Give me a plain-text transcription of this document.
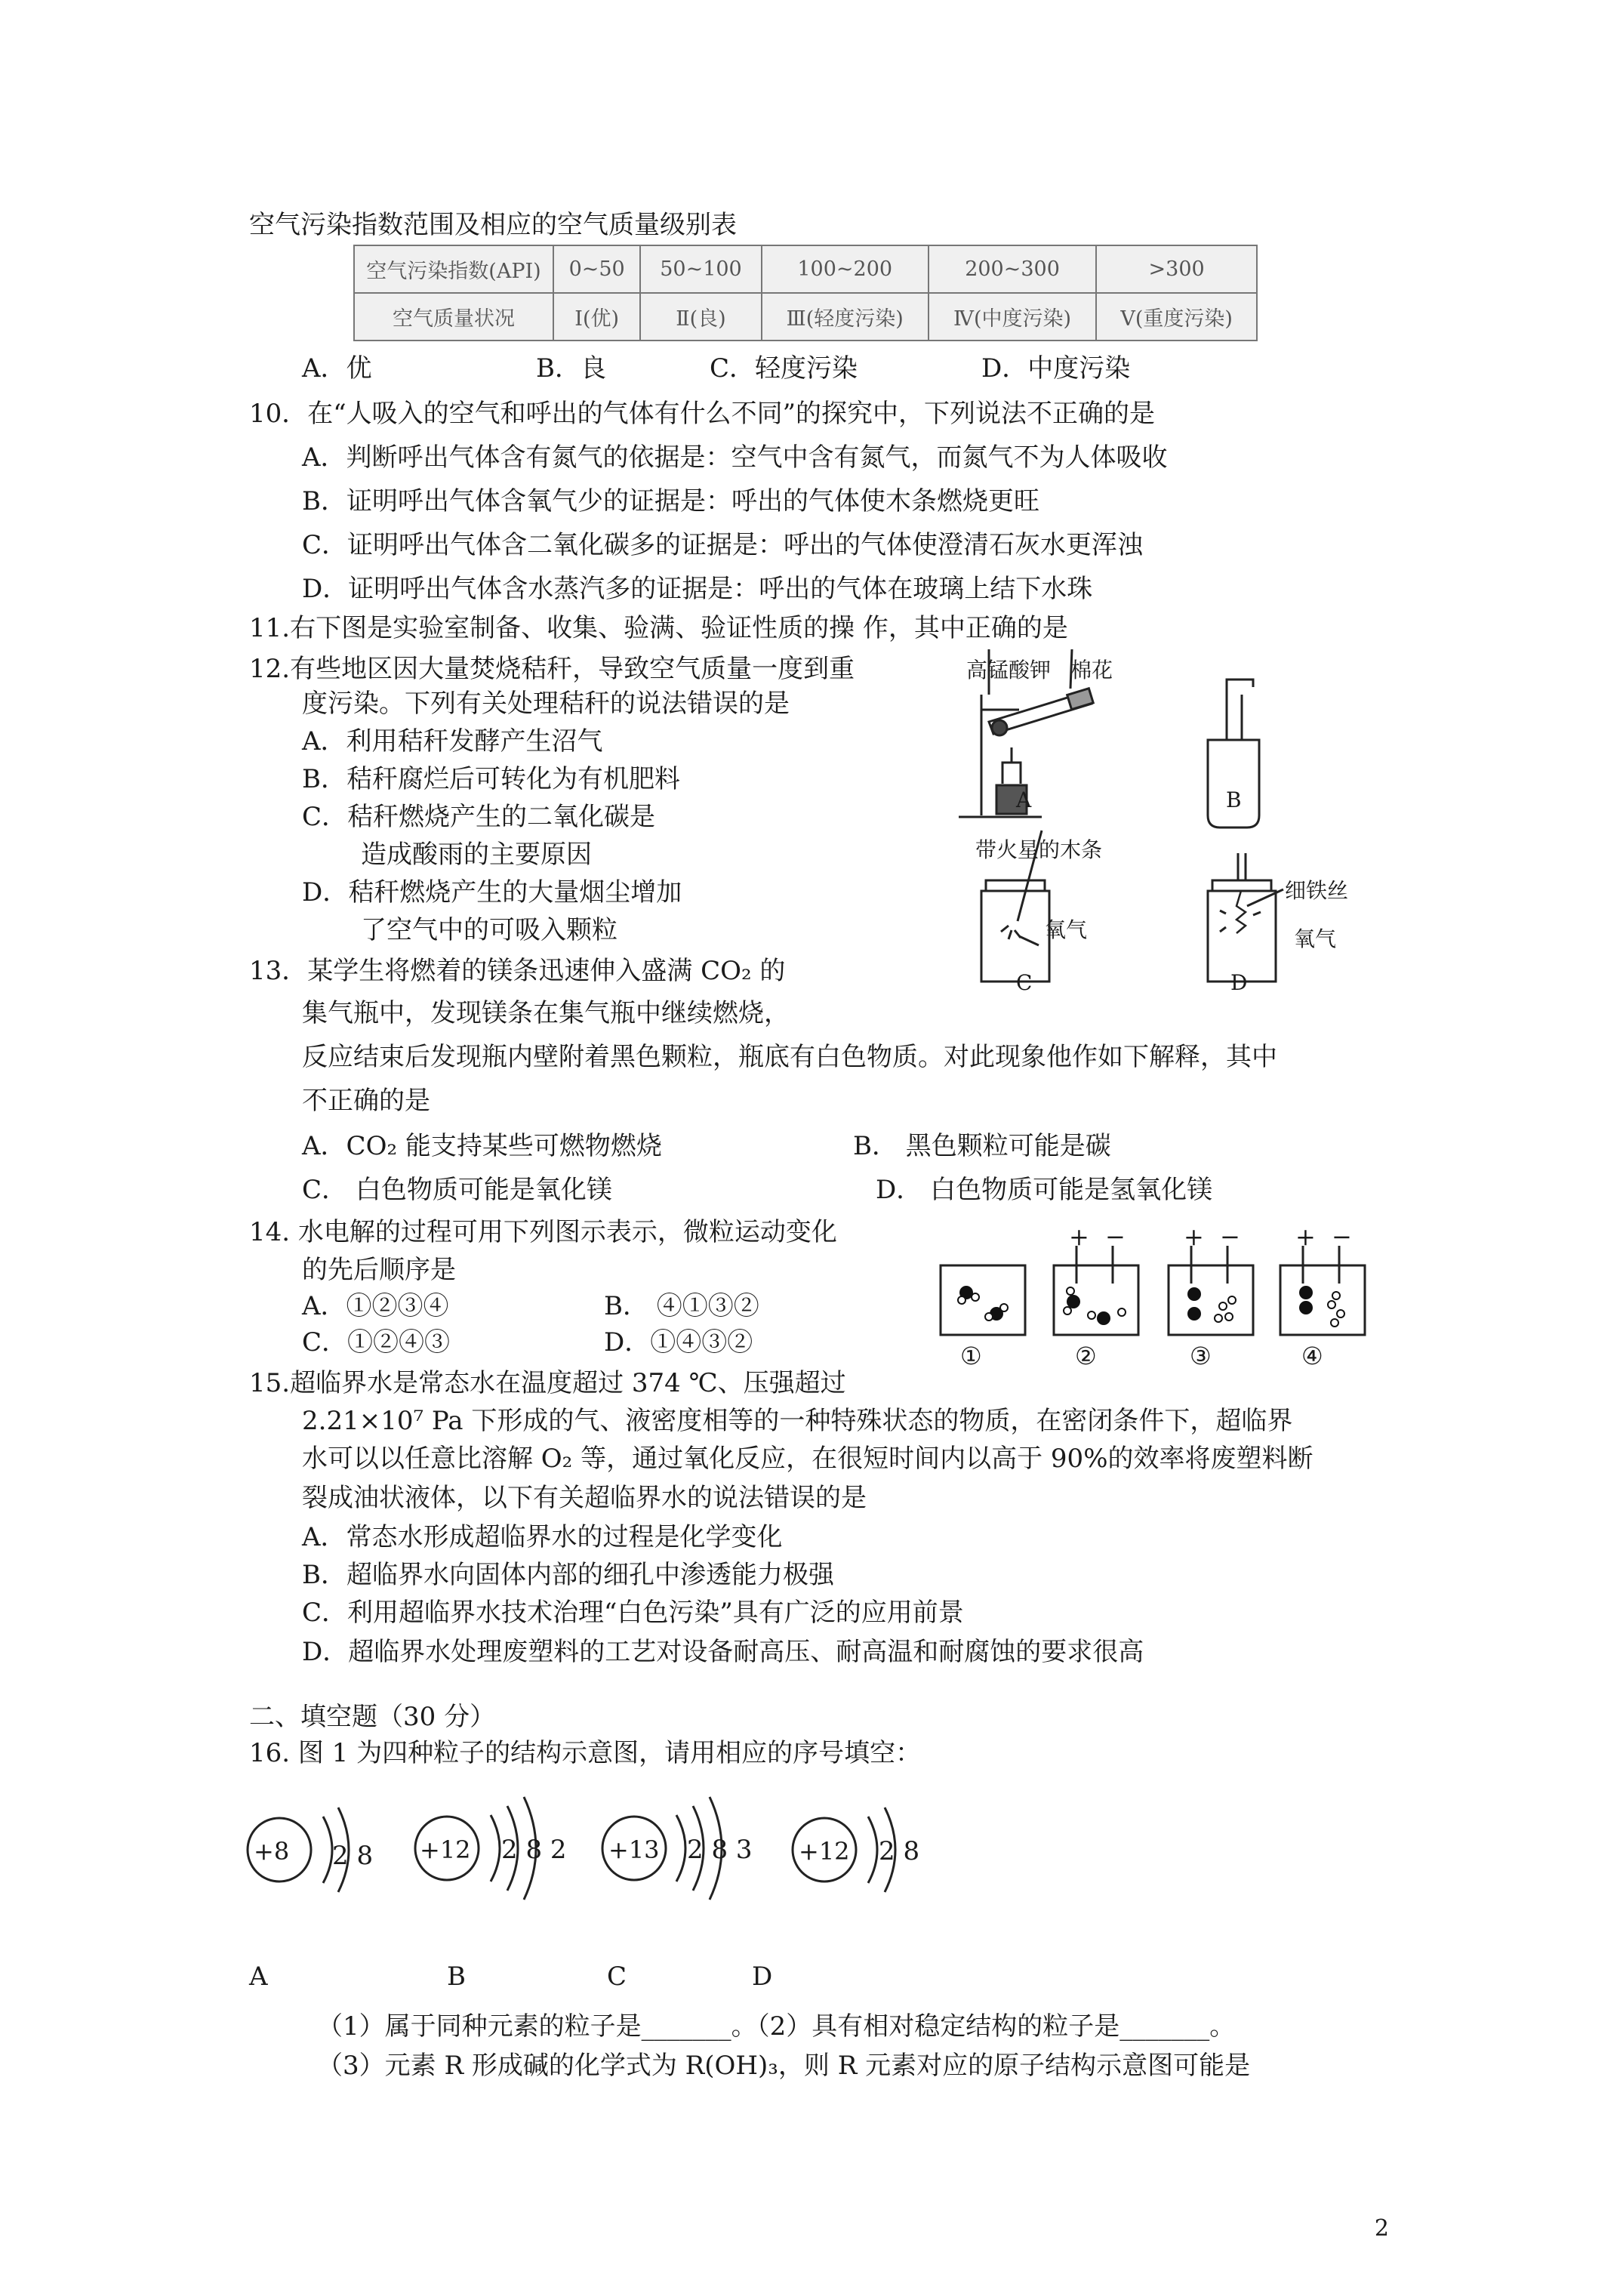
空气污染指数范围及相应的空气质量级别表
空气污染指数(API)	0~50	50~100	100~200	200~300	>300
空气质量状况	Ⅰ(优)	Ⅱ(良)	Ⅲ(轻度污染)	Ⅳ(中度污染)	Ⅴ(重度污染)
A．优	B．良	C．轻度污染	D．中度污染
10．在“人吸入的空气和呼出的气体有什么不同”的探究中，下列说法不正确的是
A．判断呼出气体含有氮气的依据是：空气中含有氮气，而氮气不为人体吸收
B．证明呼出气体含氧气少的证据是：呼出的气体使木条燃烧更旺
C．证明呼出气体含二氧化碳多的证据是：呼出的气体使澄清石灰水更浑浊
D．证明呼出气体含水蒸汽多的证据是：呼出的气体在玻璃上结下水珠
11.右下图是实验室制备、收集、验满、验证性质的操 作，其中正确的是
12.有些地区因大量焚烧秸秆，导致空气质量一度到重
度污染。下列有关处理秸秆的说法错误的是
A．利用秸秆发酵产生沼气
B．秸秆腐烂后可转化为有机肥料
C．秸秆燃烧产生的二氧化碳是
造成酸雨的主要原因
D．秸秆燃烧产生的大量烟尘增加
了空气中的可吸入颗粒
高锰酸钾 棉花
A	B
带火星的木条
氧气
C
细铁丝
氧气
D
13．某学生将燃着的镁条迅速伸入盛满 CO₂ 的
集气瓶中，发现镁条在集气瓶中继续燃烧，
反应结束后发现瓶内壁附着黑色颗粒，瓶底有白色物质。对此现象他作如下解释，其中
不正确的是
A．CO₂ 能支持某些可燃物燃烧	B． 黑色颗粒可能是碳
C． 白色物质可能是氧化镁	D． 白色物质可能是氢氧化镁
14. 水电解的过程可用下列图示表示，微粒运动变化
的先后顺序是
A．①②③④	B． ④①③②
C．①②④③	D．①④③②
+ − + − + −
①	②	③	④
15.超临界水是常态水在温度超过 374 ℃、压强超过
2.21×10⁷ Pa 下形成的气、液密度相等的一种特殊状态的物质，在密闭条件下，超临界
水可以以任意比溶解 O₂ 等，通过氧化反应，在很短时间内以高于 90%的效率将废塑料断
裂成油状液体，以下有关超临界水的说法错误的是
A．常态水形成超临界水的过程是化学变化
B．超临界水向固体内部的细孔中渗透能力极强
C．利用超临界水技术治理“白色污染”具有广泛的应用前景
D．超临界水处理废塑料的工艺对设备耐高压、耐高温和耐腐蚀的要求很高
二、填空题（30 分）
16. 图 1 为四种粒子的结构示意图，请用相应的序号填空：
+8 2 8 +12 2 8 2 +13 2 8 3 +12 2 8
A	B	C	D
（1）属于同种元素的粒子是_______。（2）具有相对稳定结构的粒子是_______。
（3）元素 R 形成碱的化学式为 R(OH)₃，则 R 元素对应的原子结构示意图可能是
2
